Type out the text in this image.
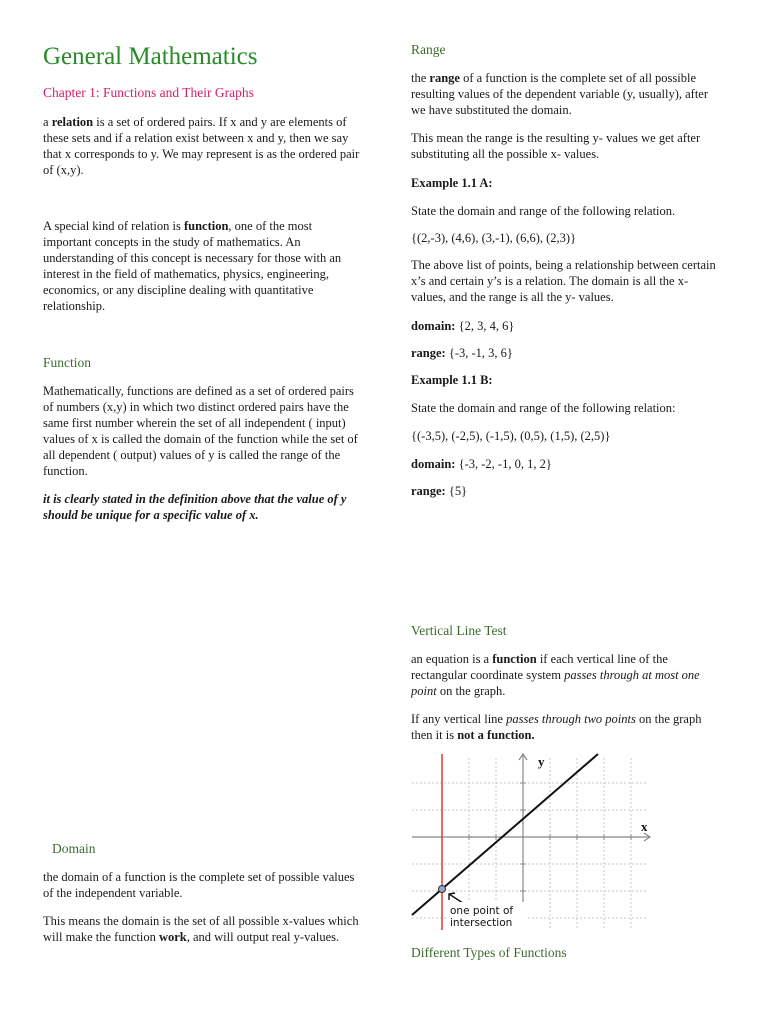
General Mathematics
Chapter 1: Functions and Their Graphs

a relation is a set of ordered pairs. If x and y are elements of these sets and if a relation exist between x and y, then we say that x corresponds to y. We may represent is as the ordered pair of (x,y).

A special kind of relation is function, one of the most important concepts in the study of mathematics. An understanding of this concept is necessary for those with an interest in the field of mathematics, physics, engineering, economics, or any discipline dealing with quantitative relationship.

Function

Mathematically, functions are defined as a set of ordered pairs of numbers (x,y) in which two distinct ordered pairs have the same first number wherein the set of all independent ( input) values of x is called the domain of the function while the set of all dependent ( output) values of y is called the range of the function.

it is clearly stated in the definition above that the value of y should be unique for a specific value of x.

Domain

the domain of a function is the complete set of possible values of the independent variable.

This means the domain is the set of all possible x-values which will make the function work, and will output real y-values.

Range

the range of a function is the complete set of all possible resulting values of the dependent variable (y, usually), after we have substituted the domain.

This mean the range is the resulting y- values we get after substituting all the possible x- values.

Example 1.1 A:

State the domain and range of the following relation.

{(2,-3), (4,6), (3,-1), (6,6), (2,3)}

The above list of points, being a relationship between certain x’s and certain y’s is a relation. The domain is all the x-values, and the range is all the y- values.

domain: {2, 3, 4, 6}

range: {-3, -1, 3, 6}

Example 1.1 B:

State the domain and range of the following relation:

{(-3,5), (-2,5), (-1,5), (0,5), (1,5), (2,5)}

domain: {-3, -2, -1, 0, 1, 2}

range: {5}

Vertical Line Test

an equation is a function if each vertical line of the rectangular coordinate system passes through at most one point on the graph.

If any vertical line passes through two points on the graph then it is not a function.

y
x
one point of
intersection
Different Types of Functions
